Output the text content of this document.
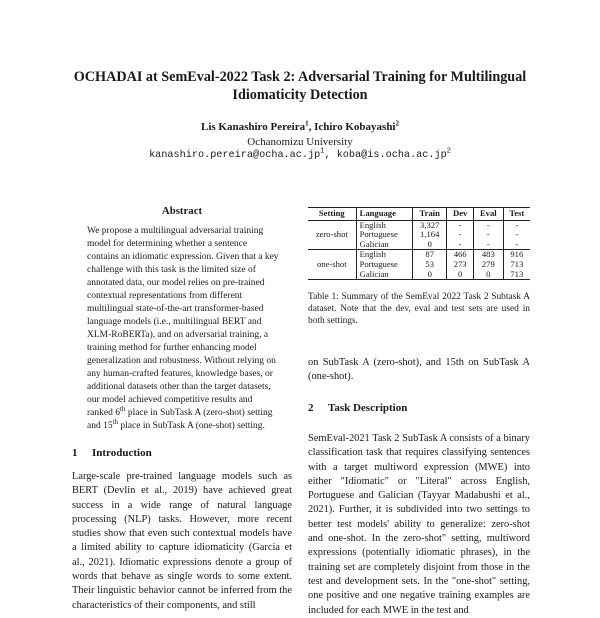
OCHADAI at SemEval-2022 Task 2: Adversarial Training for Multilingual Idiomaticity Detection
Lis Kanashiro Pereira$^1$, Ichiro Kobayashi$^2$
Ochanomizu University
$kanashiro.pereira@ocha.ac.jp^1$, $koba@is.ocha.ac.jp^2$
Abstract
We propose a multilingual adversarial training model for determining whether a sentence contains an idiomatic expression. Given that a key challenge with this task is the limited size of annotated data, our model relies on pre-trained contextual representations from different multilingual state-of-the-art transformer-based language models (i.e., multilingual BERT and XLM-RoBERTa), and on adversarial training, a training method for further enhancing model generalization and robustness. Without relying on any human-crafted features, knowledge bases, or additional datasets other than the target datasets, our model achieved competitive results and ranked 6th place in SubTask A (zero-shot) setting and 15th place in SubTask A (one-shot) setting.
1 Introduction
Large-scale pre-trained language models such as BERT (Devlin et al., 2019) have achieved great success in a wide range of natural language processing (NLP) tasks. However, more recent studies show that even such contextual models have a limited ability to capture idiomaticity (Garcia et al., 2021). Idiomatic expressions denote a group of words that behave as single words to some extent. Their linguistic behavior cannot be inferred from the characteristics of their components, and still
Setting	Language	Train	Dev	Eval	Test
zero-shot	English	3,327	-	-	-
	Portuguese	1,164	-	-	-
	Galician	0	-	-	-
one-shot	English	87	466	483	916
	Portuguese	53	273	279	713
	Galician	0	0	0	713
Table 1: Summary of the SemEval 2022 Task 2 Subtask A dataset. Note that the dev, eval and test sets are used in both settings.
on SubTask A (zero-shot), and 15th on SubTask A (one-shot).
2 Task Description
SemEval-2021 Task 2 SubTask A consists of a binary classification task that requires classifying sentences with a target multiword expression (MWE) into either "Idiomatic" or "Literal" across English, Portuguese and Galician (Tayyar Madabushi et al., 2021). Further, it is subdivided into two settings to better test models' ability to generalize: zero-shot and one-shot. In the zero-shot" setting, multiword expressions (potentially idiomatic phrases), in the training set are completely disjoint from those in the test and development sets. In the "one-shot" setting, one positive and one negative training examples are included for each MWE in the test and
